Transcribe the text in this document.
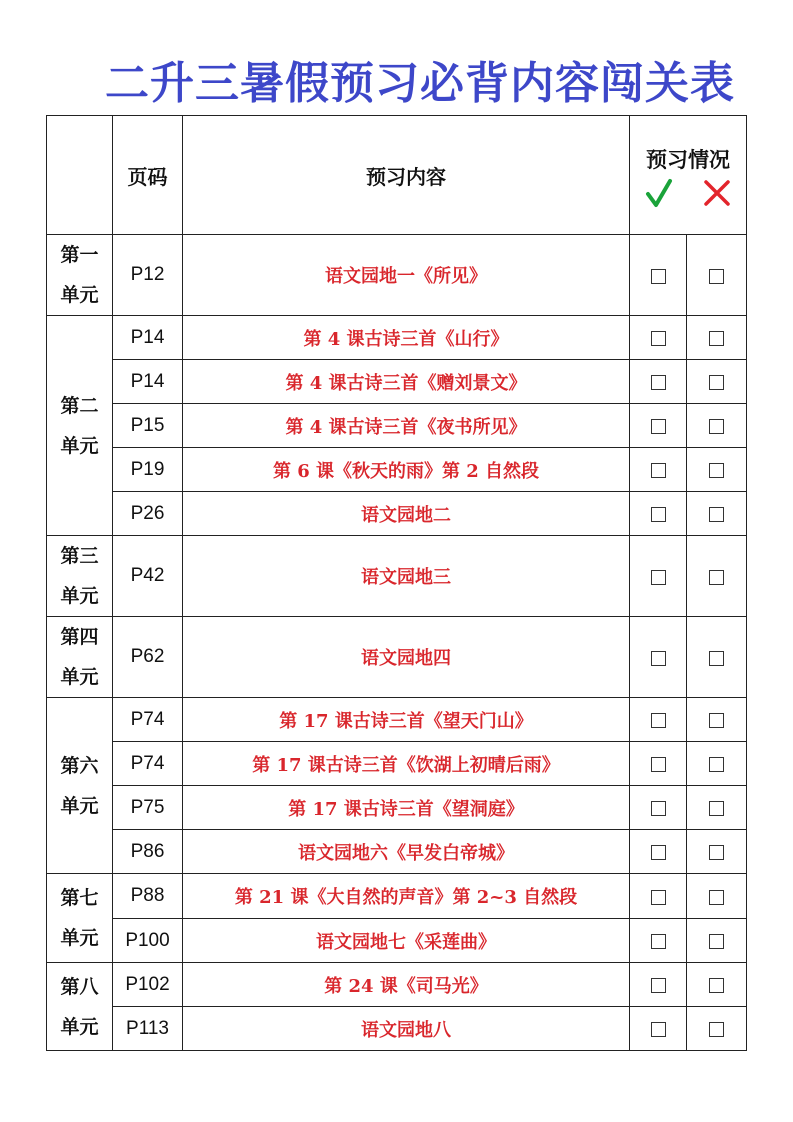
二升三暑假预习必背内容闯关表
	页码	预习内容	预习情况	

第一
单元	P12	语文园地一《所见》		

第二
单元	P14	第 4 课古诗三首《山行》		
	P14	第 4 课古诗三首《赠刘景文》		
	P15	第 4 课古诗三首《夜书所见》		
	P19	第 6 课《秋天的雨》第 2 自然段		
	P26	语文园地二		

第三
单元	P42	语文园地三		

第四
单元	P62	语文园地四		

第六
单元	P74	第 17 课古诗三首《望天门山》		
	P74	第 17 课古诗三首《饮湖上初晴后雨》		
	P75	第 17 课古诗三首《望洞庭》		
	P86	语文园地六《早发白帝城》		

第七
单元	P88	第 21 课《大自然的声音》第 2~3 自然段		
	P100	语文园地七《采莲曲》		

第八
单元	P102	第 24 课《司马光》		
	P113	语文园地八		
